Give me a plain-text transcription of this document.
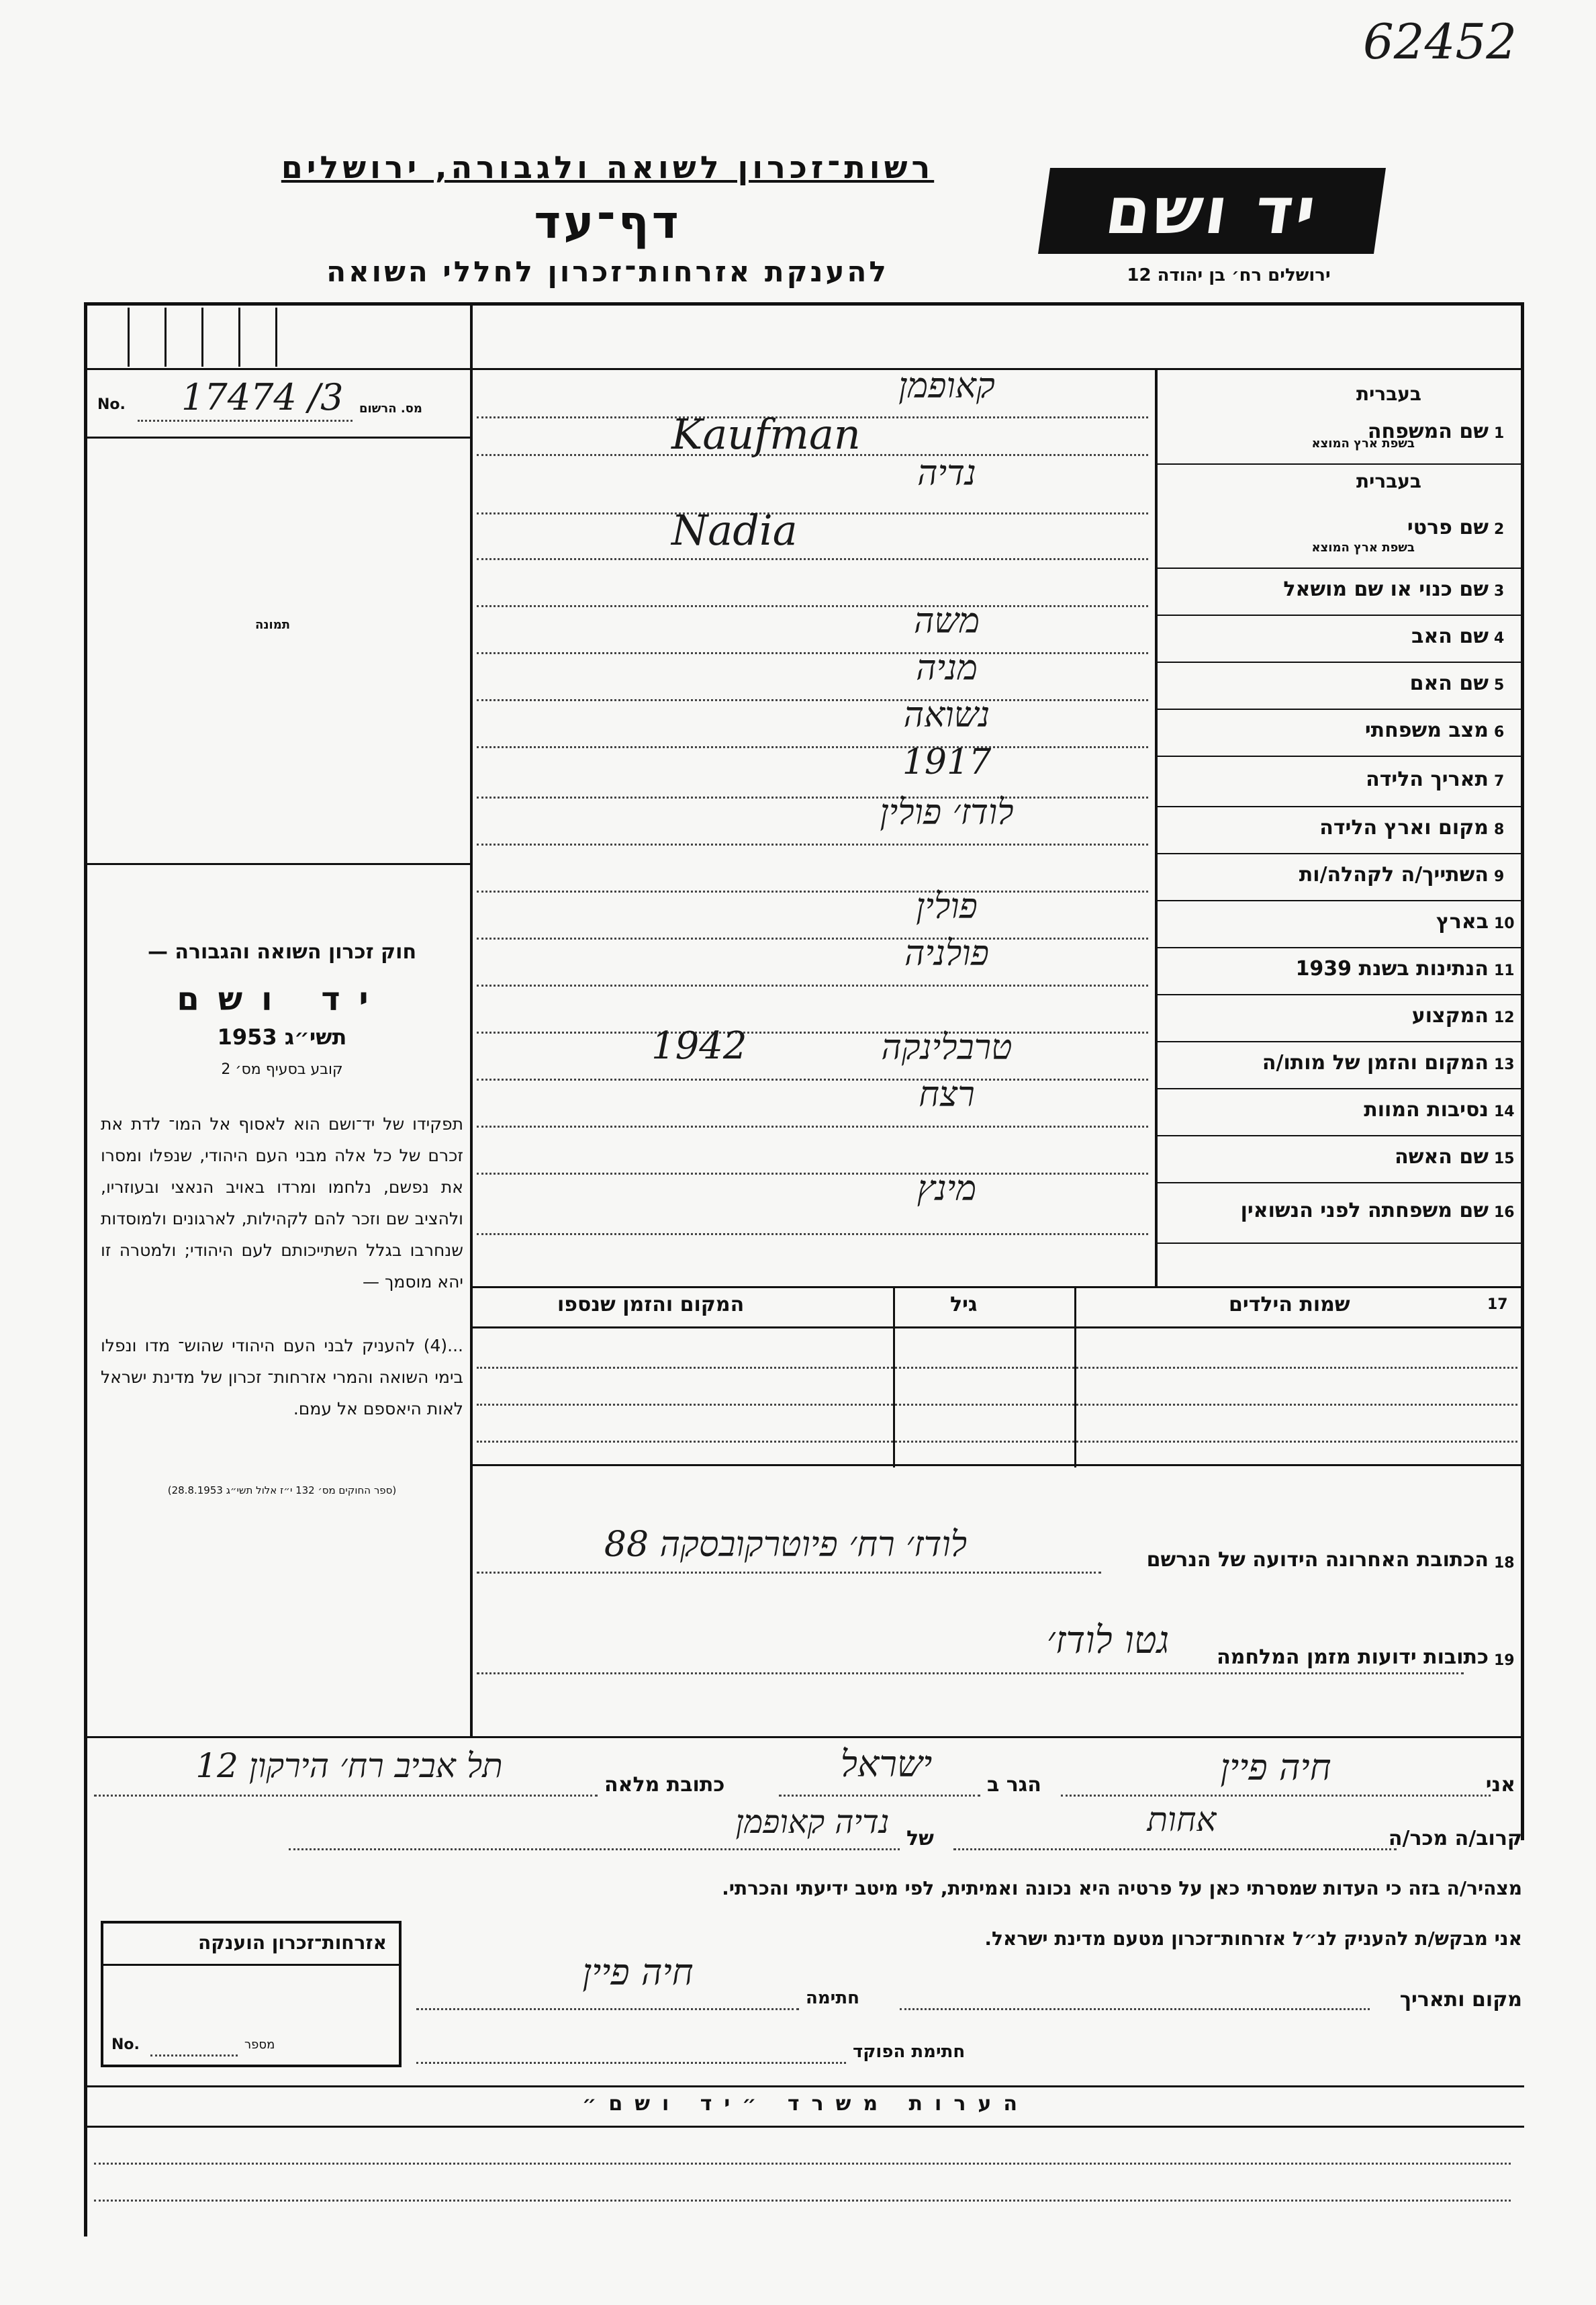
62452
רשות־זכרון לשואה ולגבורה, ירושלים
דף־עד
להענקת אזרחות־זכרון לחללי השואה
יד ושם
ירושלים רח׳ בן יהודה 12
No. 17474 /3 מס. הרשום
תמונה
חוק זכרון השואה והגבורה —
יד ושם
תשי״ג 1953
קובע בסעיף מס׳ 2
תפקידו של יד־ושם הוא לאסוף אל המו־ לדת את זכרם של כל אלה מבני העם היהודי, שנפלו ומסרו את נפשם, נלחמו ומרדו באויב הנאצי ובעוזריו, ולהציב שם וזכר להם לקהילות, לארגונים ולמוסדות שנחרבו בגלל השתייכותם לעם היהודי; ולמטרה זו יהא מוסמך —
...(4) להעניק לבני העם היהודי שהוש־ מדו ונפלו בימי השואה והמרי אזרחות־ זכרון של מדינת ישראל לאות היאספם אל עמם.
(ספר החוקים מס׳ 132 י״ז אלול תשי״ג 28.8.1953)
1
שם המשפחה
בעברית
בשפת ארץ המוצא
קאופמן
Kaufman
2
שם פרטי
בעברית
בשפת ארץ המוצא
נדיה
Nadia
3
שם כנוי או שם מושאל
4
שם האב
משה
5
שם האם
מניה
6
מצב משפחתי
נשואה
7
תאריך הלידה
1917
8
מקום וארץ הלידה
לודז׳ פולין
9
השתייך/ה לקהלה/ות
10
בארץ
פולין
11
הנתינות בשנת 1939
פולניה
12
המקצוע
13
המקום והזמן של מותו/ה
טרבלינקה
1942
14
נסיבות המוות
רצח
15
שם האשה
16
שם משפחתה לפני הנשואין
מינץ
17
שמות הילדים
גיל
המקום והזמן שנספו
18
הכתובת האחרונה הידועה של הנרשם
לודז׳ רח׳ פיוטרקובסקה 88
19
כתובות ידועות מזמן המלחמה
גטו לודז׳
אני
חיה פיין
הגר ב
ישראל
כתובת מלאה
תל אביב רח׳ הירקון 12
קרוב/ה מכר/ה
אחות
של
נדיה קאופמן
מצהיר/ה בזה כי העדות שמסרתי כאן על פרטיה היא נכונה ואמיתית, לפי מיטב ידיעתי והכרתי.
אני מבקש/ת להעניק לנ״ל אזרחות־זכרון מטעם מדינת ישראל.
אזרחות־זכרון הוענקה
No.	מספר
מקום ותאריך
חתימה
חיה פיין
חתימת הפוקד
הערות משרד ״יד ושם״
